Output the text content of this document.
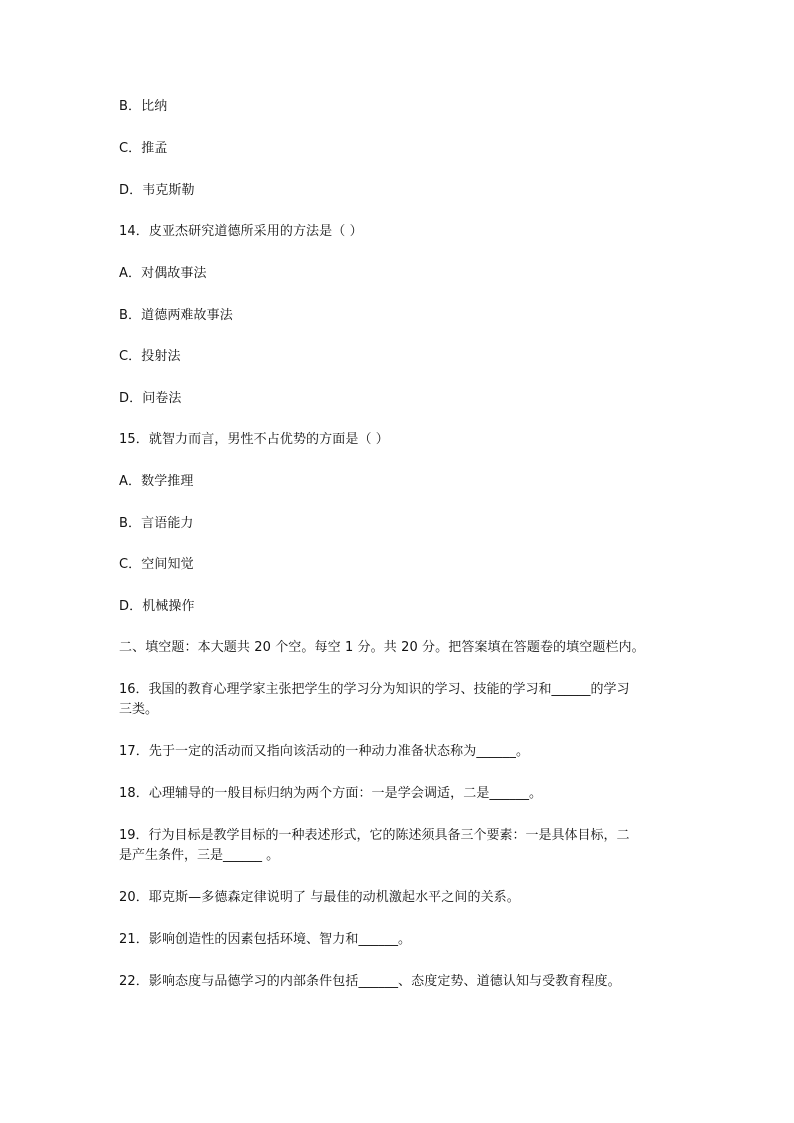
B．比纳
C．推孟
D．韦克斯勒
14．皮亚杰研究道德所采用的方法是（ ）
A．对偶故事法
B．道德两难故事法
C．投射法
D．问卷法
15．就智力而言，男性不占优势的方面是（ ）
A．数学推理
B．言语能力
C．空间知觉
D．机械操作
二、填空题：本大题共 20 个空。每空 1 分。共 20 分。把答案填在答题卷的填空题栏内。
16．我国的教育心理学家主张把学生的学习分为知识的学习、技能的学习和______的学习
三类。
17．先于一定的活动而又指向该活动的一种动力准备状态称为______。
18．心理辅导的一般目标归纳为两个方面：一是学会调适，二是______。
19．行为目标是教学目标的一种表述形式，它的陈述须具备三个要素：一是具体目标，二
是产生条件，三是______ 。
20．耶克斯—多德森定律说明了 与最佳的动机激起水平之间的关系。
21．影响创造性的因素包括环境、智力和______。
22．影响态度与品德学习的内部条件包括______、态度定势、道德认知与受教育程度。
